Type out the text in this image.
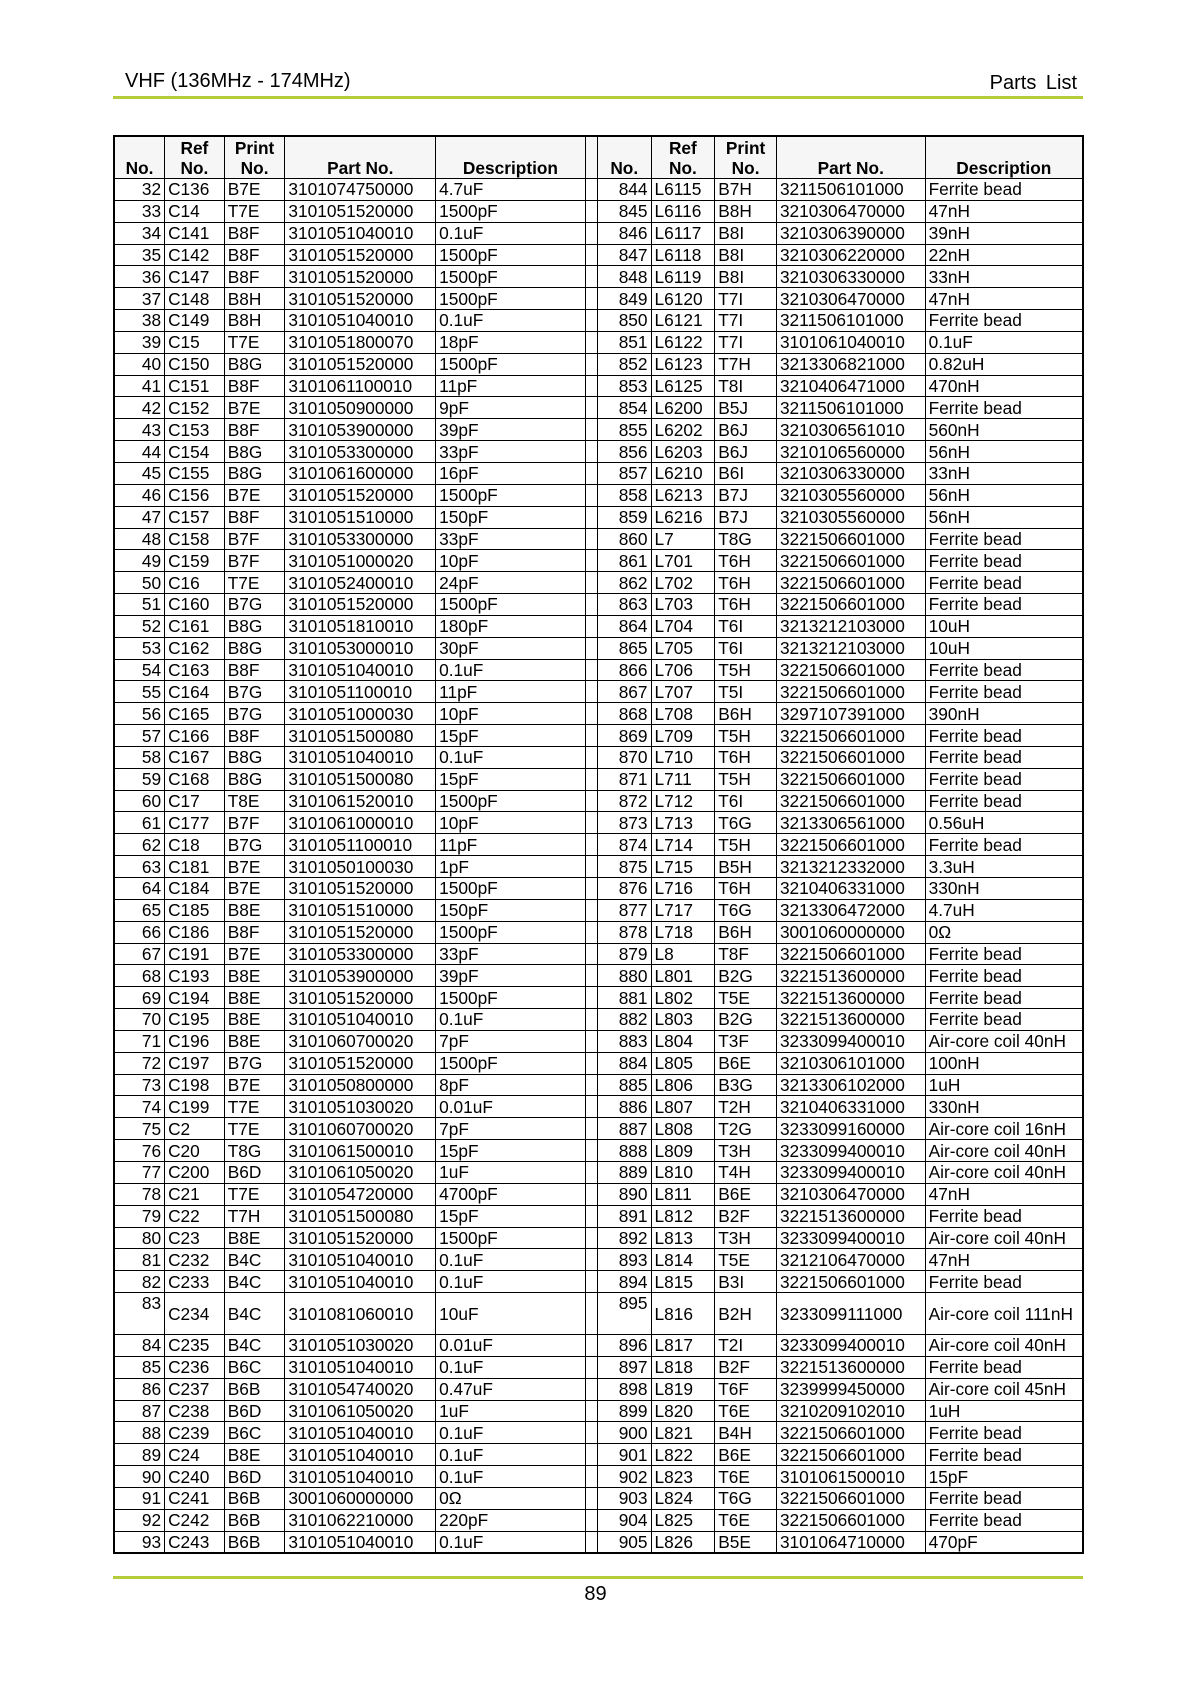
VHF (136MHz - 174MHz)	Parts List
No.	Ref No.	Print No.	Part No.	Description		No.	Ref No.	Print No.	Part No.	Description
32	C136	B7E	3101074750000	4.7uF		844	L6115	B7H	3211506101000	Ferrite bead
33	C14	T7E	3101051520000	1500pF		845	L6116	B8H	3210306470000	47nH
34	C141	B8F	3101051040010	0.1uF		846	L6117	B8I	3210306390000	39nH
35	C142	B8F	3101051520000	1500pF		847	L6118	B8I	3210306220000	22nH
36	C147	B8F	3101051520000	1500pF		848	L6119	B8I	3210306330000	33nH
37	C148	B8H	3101051520000	1500pF		849	L6120	T7I	3210306470000	47nH
38	C149	B8H	3101051040010	0.1uF		850	L6121	T7I	3211506101000	Ferrite bead
39	C15	T7E	3101051800070	18pF		851	L6122	T7I	3101061040010	0.1uF
40	C150	B8G	3101051520000	1500pF		852	L6123	T7H	3213306821000	0.82uH
41	C151	B8F	3101061100010	11pF		853	L6125	T8I	3210406471000	470nH
42	C152	B7E	3101050900000	9pF		854	L6200	B5J	3211506101000	Ferrite bead
43	C153	B8F	3101053900000	39pF		855	L6202	B6J	3210306561010	560nH
44	C154	B8G	3101053300000	33pF		856	L6203	B6J	3210106560000	56nH
45	C155	B8G	3101061600000	16pF		857	L6210	B6I	3210306330000	33nH
46	C156	B7E	3101051520000	1500pF		858	L6213	B7J	3210305560000	56nH
47	C157	B8F	3101051510000	150pF		859	L6216	B7J	3210305560000	56nH
48	C158	B7F	3101053300000	33pF		860	L7	T8G	3221506601000	Ferrite bead
49	C159	B7F	3101051000020	10pF		861	L701	T6H	3221506601000	Ferrite bead
50	C16	T7E	3101052400010	24pF		862	L702	T6H	3221506601000	Ferrite bead
51	C160	B7G	3101051520000	1500pF		863	L703	T6H	3221506601000	Ferrite bead
52	C161	B8G	3101051810010	180pF		864	L704	T6I	3213212103000	10uH
53	C162	B8G	3101053000010	30pF		865	L705	T6I	3213212103000	10uH
54	C163	B8F	3101051040010	0.1uF		866	L706	T5H	3221506601000	Ferrite bead
55	C164	B7G	3101051100010	11pF		867	L707	T5I	3221506601000	Ferrite bead
56	C165	B7G	3101051000030	10pF		868	L708	B6H	3297107391000	390nH
57	C166	B8F	3101051500080	15pF		869	L709	T5H	3221506601000	Ferrite bead
58	C167	B8G	3101051040010	0.1uF		870	L710	T6H	3221506601000	Ferrite bead
59	C168	B8G	3101051500080	15pF		871	L711	T5H	3221506601000	Ferrite bead
60	C17	T8E	3101061520010	1500pF		872	L712	T6I	3221506601000	Ferrite bead
61	C177	B7F	3101061000010	10pF		873	L713	T6G	3213306561000	0.56uH
62	C18	B7G	3101051100010	11pF		874	L714	T5H	3221506601000	Ferrite bead
63	C181	B7E	3101050100030	1pF		875	L715	B5H	3213212332000	3.3uH
64	C184	B7E	3101051520000	1500pF		876	L716	T6H	3210406331000	330nH
65	C185	B8E	3101051510000	150pF		877	L717	T6G	3213306472000	4.7uH
66	C186	B8F	3101051520000	1500pF		878	L718	B6H	3001060000000	0Ω
67	C191	B7E	3101053300000	33pF		879	L8	T8F	3221506601000	Ferrite bead
68	C193	B8E	3101053900000	39pF		880	L801	B2G	3221513600000	Ferrite bead
69	C194	B8E	3101051520000	1500pF		881	L802	T5E	3221513600000	Ferrite bead
70	C195	B8E	3101051040010	0.1uF		882	L803	B2G	3221513600000	Ferrite bead
71	C196	B8E	3101060700020	7pF		883	L804	T3F	3233099400010	Air-core coil 40nH
72	C197	B7G	3101051520000	1500pF		884	L805	B6E	3210306101000	100nH
73	C198	B7E	3101050800000	8pF		885	L806	B3G	3213306102000	1uH
74	C199	T7E	3101051030020	0.01uF		886	L807	T2H	3210406331000	330nH
75	C2	T7E	3101060700020	7pF		887	L808	T2G	3233099160000	Air-core coil 16nH
76	C20	T8G	3101061500010	15pF		888	L809	T3H	3233099400010	Air-core coil 40nH
77	C200	B6D	3101061050020	1uF		889	L810	T4H	3233099400010	Air-core coil 40nH
78	C21	T7E	3101054720000	4700pF		890	L811	B6E	3210306470000	47nH
79	C22	T7H	3101051500080	15pF		891	L812	B2F	3221513600000	Ferrite bead
80	C23	B8E	3101051520000	1500pF		892	L813	T3H	3233099400010	Air-core coil 40nH
81	C232	B4C	3101051040010	0.1uF		893	L814	T5E	3212106470000	47nH
82	C233	B4C	3101051040010	0.1uF		894	L815	B3I	3221506601000	Ferrite bead
83	C234	B4C	3101081060010	10uF		895	L816	B2H	3233099111000	Air-core coil 111nH
84	C235	B4C	3101051030020	0.01uF		896	L817	T2I	3233099400010	Air-core coil 40nH
85	C236	B6C	3101051040010	0.1uF		897	L818	B2F	3221513600000	Ferrite bead
86	C237	B6B	3101054740020	0.47uF		898	L819	T6F	3239999450000	Air-core coil 45nH
87	C238	B6D	3101061050020	1uF		899	L820	T6E	3210209102010	1uH
88	C239	B6C	3101051040010	0.1uF		900	L821	B4H	3221506601000	Ferrite bead
89	C24	B8E	3101051040010	0.1uF		901	L822	B6E	3221506601000	Ferrite bead
90	C240	B6D	3101051040010	0.1uF		902	L823	T6E	3101061500010	15pF
91	C241	B6B	3001060000000	0Ω		903	L824	T6G	3221506601000	Ferrite bead
92	C242	B6B	3101062210000	220pF		904	L825	T6E	3221506601000	Ferrite bead
93	C243	B6B	3101051040010	0.1uF		905	L826	B5E	3101064710000	470pF
89
